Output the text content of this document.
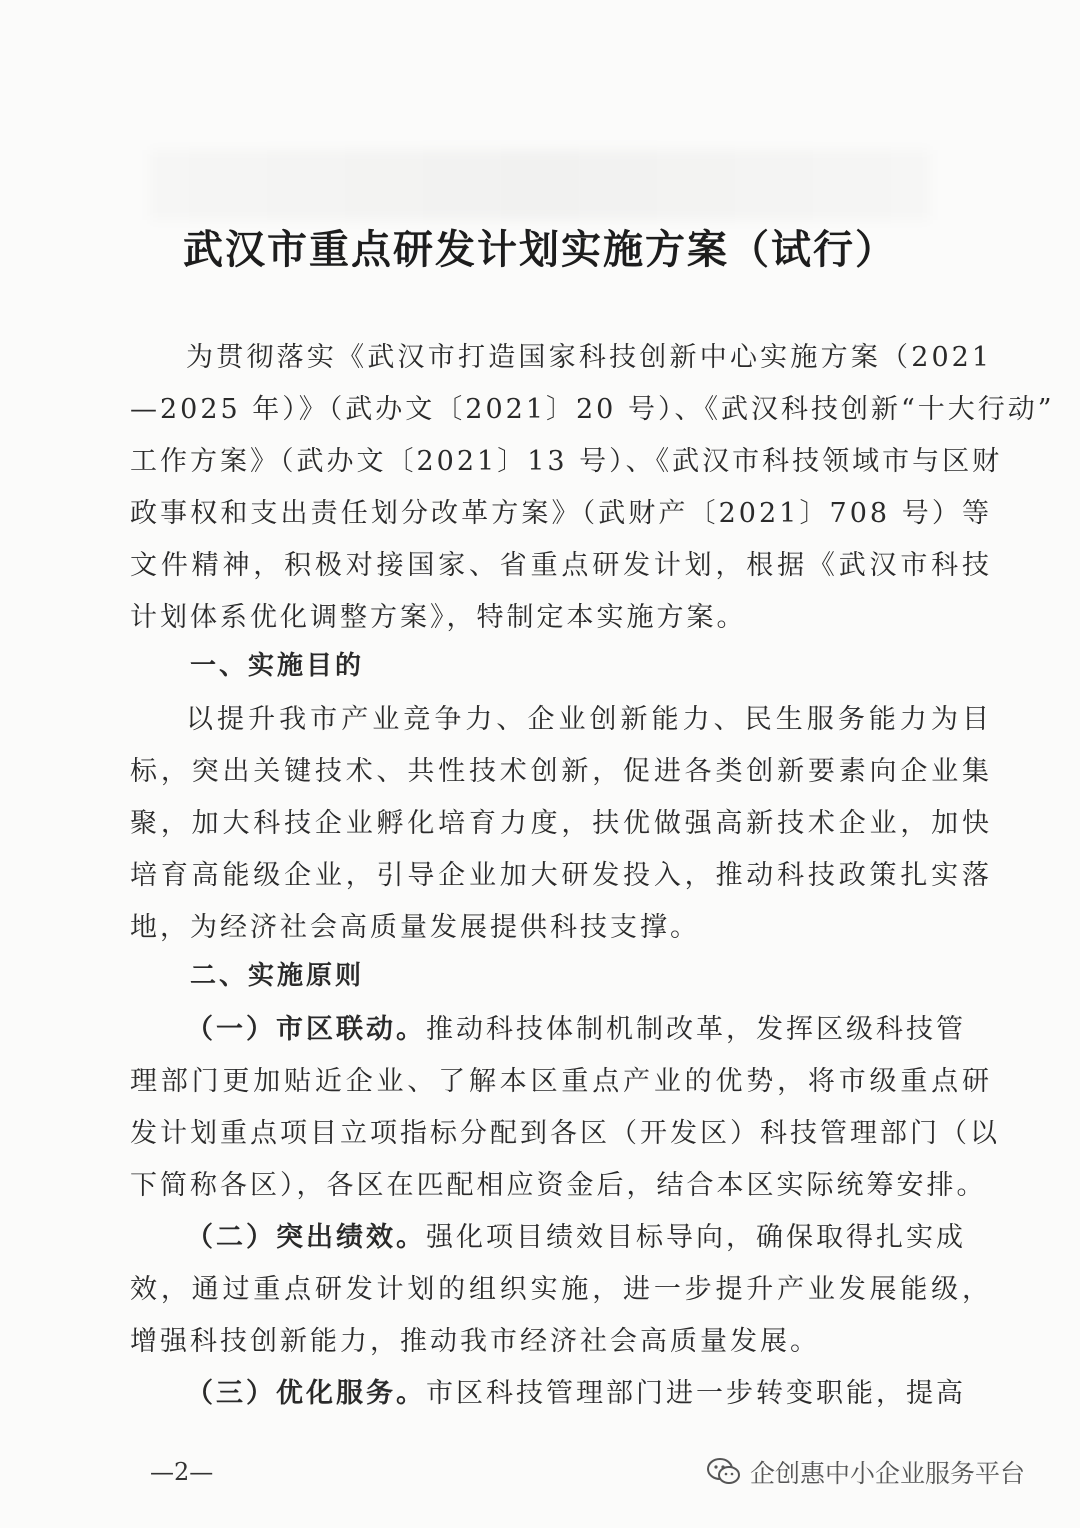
武汉市重点研发计划实施方案（试行）
为贯彻落实《武汉市打造国家科技创新中心实施方案（2021
—2025 年）》（武办文〔2021〕20 号）、《武汉科技创新“十大行动”
工作方案》（武办文〔2021〕13 号）、《武汉市科技领域市与区财
政事权和支出责任划分改革方案》（武财产〔2021〕708 号）等
文件精神，积极对接国家、省重点研发计划，根据《武汉市科技
计划体系优化调整方案》，特制定本实施方案。
一、实施目的
以提升我市产业竞争力、企业创新能力、民生服务能力为目
标，突出关键技术、共性技术创新，促进各类创新要素向企业集
聚，加大科技企业孵化培育力度，扶优做强高新技术企业，加快
培育高能级企业，引导企业加大研发投入，推动科技政策扎实落
地，为经济社会高质量发展提供科技支撑。
二、实施原则
（一）市区联动。 推动科技体制机制改革，发挥区级科技管
理部门更加贴近企业、了解本区重点产业的优势，将市级重点研
发计划重点项目立项指标分配到各区（开发区）科技管理部门（以
下简称各区），各区在匹配相应资金后，结合本区实际统筹安排。
（二）突出绩效。 强化项目绩效目标导向，确保取得扎实成
效，通过重点研发计划的组织实施，进一步提升产业发展能级，
增强科技创新能力，推动我市经济社会高质量发展。
（三）优化服务。 市区科技管理部门进一步转变职能，提高
—2—	企创惠中小企业服务平台
